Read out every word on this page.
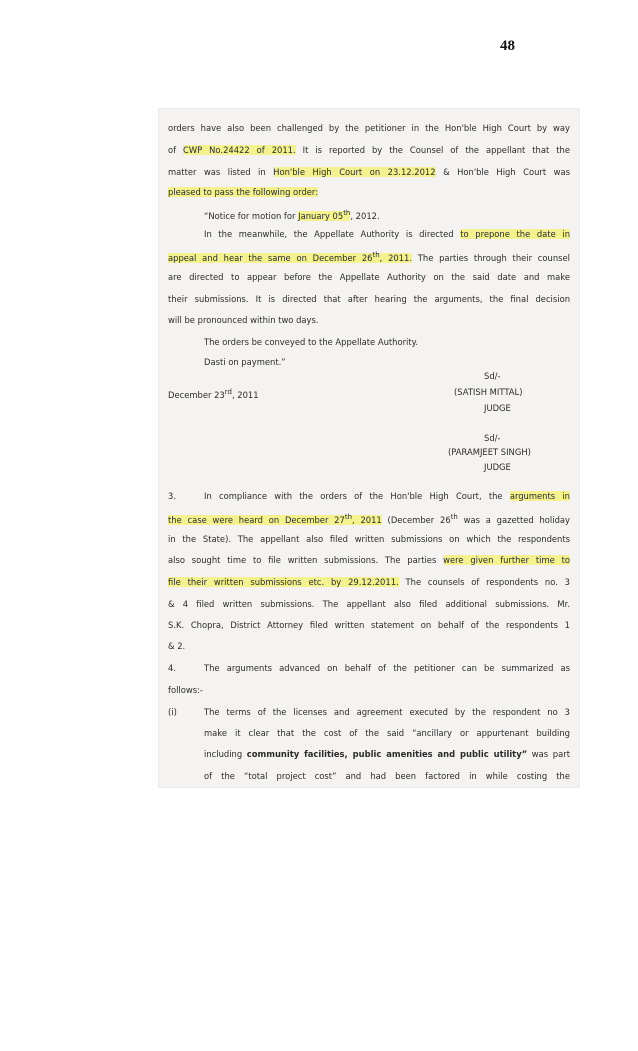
48
orders have also been challenged by the petitioner in the Hon'ble High Court by way
of CWP No.24422 of 2011. It is reported by the Counsel of the appellant that the
matter was listed in Hon'ble High Court on 23.12.2012 & Hon'ble High Court was
pleased to pass the following order:
“Notice for motion for January 05th, 2012.
In the meanwhile, the Appellate Authority is directed to prepone the date in
appeal and hear the same on December 26th, 2011. The parties through their counsel
are directed to appear before the Appellate Authority on the said date and make
their submissions. It is directed that after hearing the arguments, the final decision
will be pronounced within two days.
The orders be conveyed to the Appellate Authority.
Dasti on payment.”
Sd/-
December 23rd, 2011	(SATISH MITTAL)
JUDGE
Sd/-
(PARAMJEET SINGH)
JUDGE
3.	In compliance with the orders of the Hon'ble High Court, the arguments in
the case were heard on December 27th, 2011 (December 26th was a gazetted holiday
in the State). The appellant also filed written submissions on which the respondents
also sought time to file written submissions. The parties were given further time to
file their written submissions etc. by 29.12.2011. The counsels of respondents no. 3
& 4 filed written submissions. The appellant also filed additional submissions. Mr.
S.K. Chopra, District Attorney filed written statement on behalf of the respondents 1
& 2.
4.	The arguments advanced on behalf of the petitioner can be summarized as
follows:-
(i)	The terms of the licenses and agreement executed by the respondent no 3
make it clear that the cost of the said “ancillary or appurtenant building
including community facilities, public amenities and public utility” was part
of the “total project cost” and had been factored in while costing the
